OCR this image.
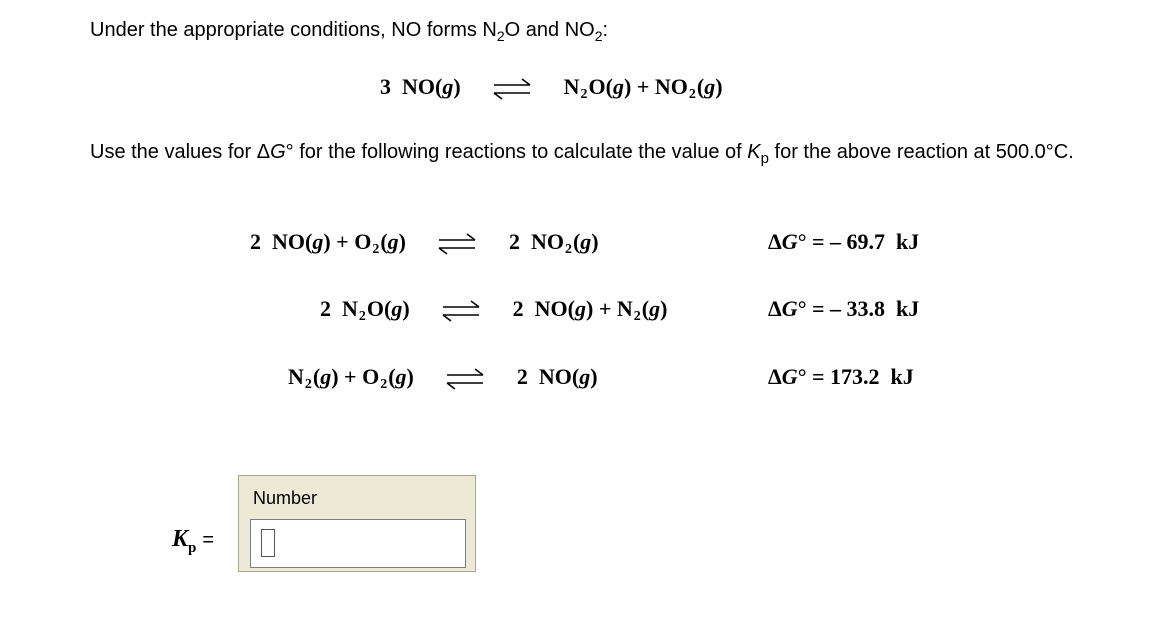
Under the appropriate conditions, NO forms $N_2O$ and $NO_2$:
3 NO(g) ⇌ $N_2O(g) + NO_2(g)$
Use the values for ΔG° for the following reactions to calculate the value of $K_p$ for the above reaction at 500.0°C.
2  $NO(g) + O_2(g)$ ⇌ 2  $NO_2(g)$	ΔG° = – 69.7 kJ
2  $N_2O(g)$ ⇌ 2  $NO(g) + N_2(g)$	ΔG° = – 33.8 kJ
$N_2(g) + O_2(g)$ ⇌ 2  NO(g)	ΔG° = 173.2 kJ
$K_p$ =
Number
